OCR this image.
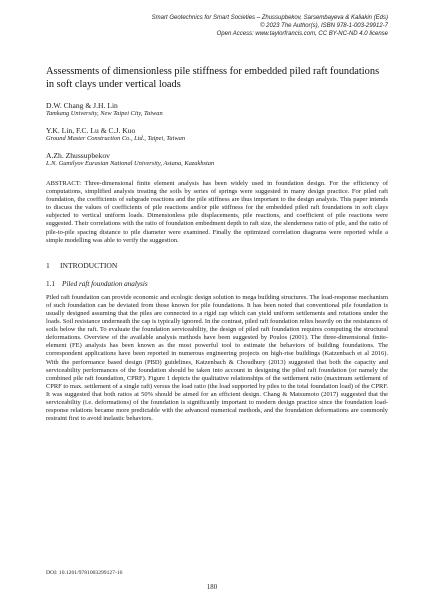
Smart Geotechnics for Smart Societies – Zhussupbekov, Sarsembayeva & Kaliakin (Eds)
© 2023 The Author(s), ISBN 978-1-003-29912-7
Open Access: www.taylorfrancis.com, CC BY-NC-ND 4.0 license
Assessments of dimensionless pile stiffness for embedded piled raft foundations in soft clays under vertical loads
D.W. Chang & J.H. Lin
Tamkang University, New Taipei City, Taiwan
Y.K. Lin, F.C. Lu & C.J. Kuo
Ground Master Construction Co., Ltd., Taipei, Taiwan
A.Zh. Zhussupbekov
L.N. Gumilyov Eurasian National University, Astana, Kazakhstan
ABSTRACT: Three-dimensional finite element analysis has been widely used in foundation design. For the efficiency of computations, simplified analysis treating the soils by series of springs were suggested in many design practice. For piled raft foundation, the coefficients of subgrade reactions and the pile stiffness are thus important to the design analysis. This paper intends to discuss the values of coefficients of pile reactions and/or pile stiffness for the embedded piled raft foundations in soft clays subjected to vertical uniform loads. Dimensionless pile displacements, pile reactions, and coefficient of pile reactions were suggested. Their correlations with the ratio of foundation embedment depth to raft size, the slenderness ratio of pile, and the ratio of pile-to-pile spacing distance to pile diameter were examined. Finally the optimized correlation diagrams were reported while a simple modelling was able to verify the suggestion.
1 INTRODUCTION
1.1 Piled raft foundation analysis
Piled raft foundation can provide economic and ecologic design solution to mega building structures. The load-response mechanism of such foundation can be deviated from those known for pile foundations. It has been noted that conventional pile foundation is usually designed assuming that the piles are connected to a rigid cap which can yield uniform settlements and rotations under the loads. Soil resistance underneath the cap is typically ignored. In the contrast, piled raft foundation relies heavily on the resistances of soils below the raft. To evaluate the foundation serviceability, the design of piled raft foundation requires computing the structural deformations. Overview of the available analysis methods have been suggested by Poulos (2001). The three-dimensional finite-element (FE) analysis has been known as the most powerful tool to estimate the behaviors of building foundations. The correspondent applications have been reported in numerous engineering projects on high-rise buildings (Katzenbach et al 2016). With the performance based design (PBD) guidelines, Katzenbach & Choudhury (2013) suggested that both the capacity and serviceability performances of the foundation should be taken into account in designing the piled raft foundation (or namely the combined pile raft foundation, CPRF). Figure 1 depicts the qualitative relationships of the settlement ratio (maximum settlement of CPRF to max. settlement of a single raft) versus the load ratio (the load supported by piles to the total foundation load) of the CPRF. It was suggested that both ratios at 50% should be aimed for an efficient design. Chang & Matsumoto (2017) suggested that the serviceability (i.e. deformations) of the foundation is significantly important to modern design practice since the foundation load-response relations became more predictable with the advanced numerical methods, and the foundation deformations are commonly restraint first to avoid inelastic behaviors.
DOI: 10.1201/9781003299127-16
180
